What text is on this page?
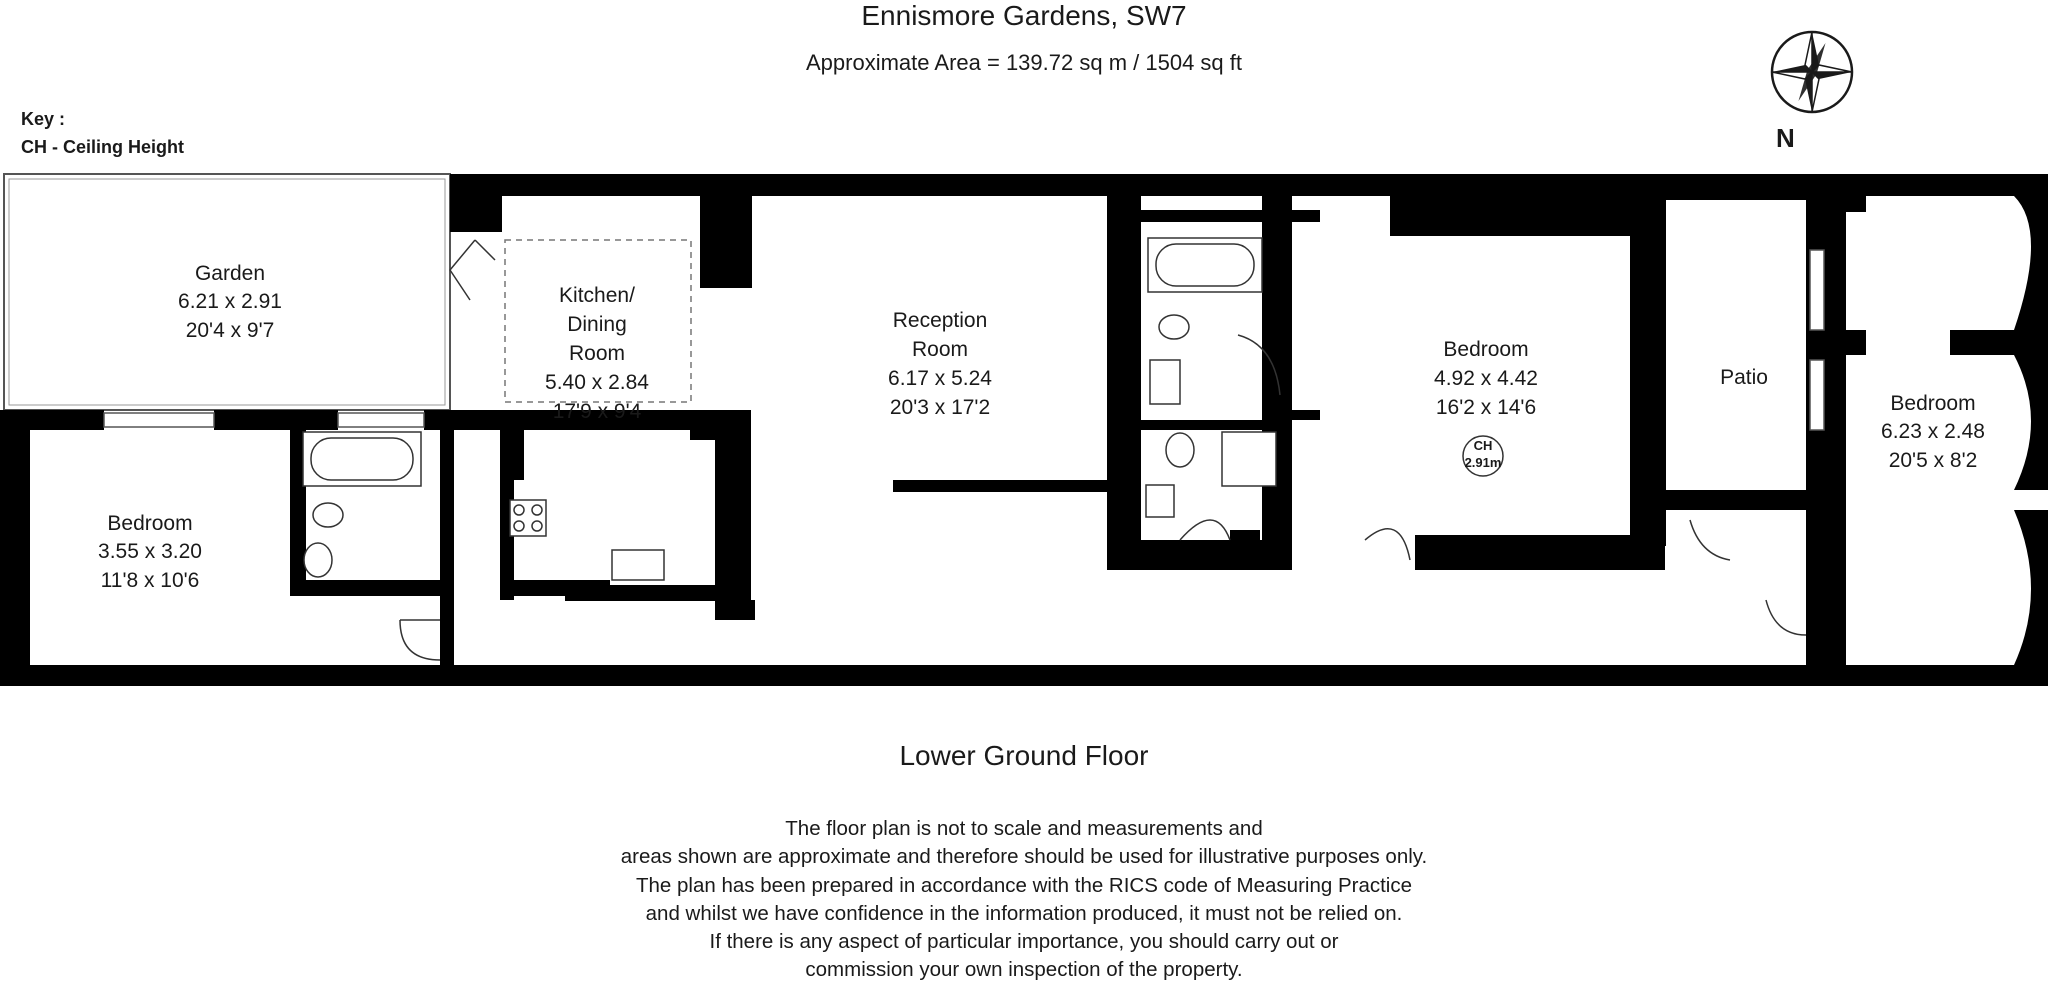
Ennismore Gardens, SW7
Approximate Area = 139.72 sq m / 1504 sq ft
Key :
CH - Ceiling Height
Garden
6.21 x 2.91
20'4 x 9'7
Kitchen/
Dining
Room
5.40 x 2.84
17'9 x 9'4
Reception
Room
6.17 x 5.24
20'3 x 17'2
Bedroom
3.55 x 3.20
11'8 x 10'6
Bedroom
4.92 x 4.42
16'2 x 14'6
CH
2.91m
Patio
Bedroom
6.23 x 2.48
20'5 x 8'2
N
Lower Ground Floor
The floor plan is not to scale and measurements and
areas shown are approximate and therefore should be used for illustrative purposes only.
The plan has been prepared in accordance with the RICS code of Measuring Practice
and whilst we have confidence in the information produced, it must not be relied on.
If there is any aspect of particular importance, you should carry out or
commission your own inspection of the property.
